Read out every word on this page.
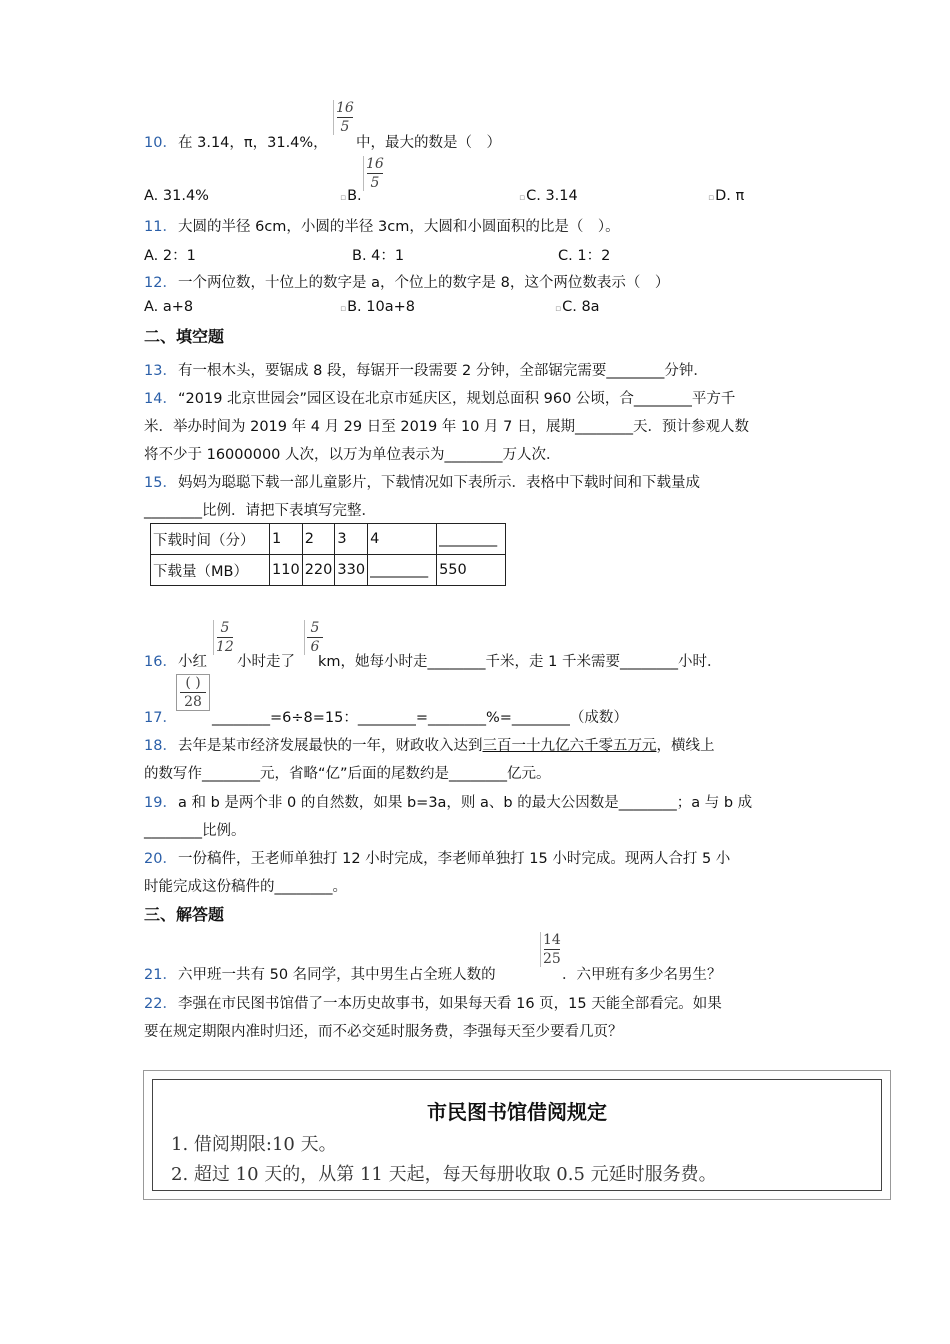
10． 在 3.14，π，31.4%，
16
5
中，最大的数是（　）
A. 31.4%	▫B.
16
5
▫C. 3.14	▫D. π
11． 大圆的半径 6cm，小圆的半径 3cm，大圆和小圆面积的比是（　）。
A. 2：1	B. 4：1	C. 1：2
12． 一个两位数，十位上的数字是 a，个位上的数字是 8，这个两位数表示（　）
A. a+8	▫B. 10a+8	▫C. 8a
二、填空题
13． 有一根木头，要锯成 8 段，每锯开一段需要 2 分钟，全部锯完需要________分钟．
14． “2019 北京世园会”园区设在北京市延庆区，规划总面积 960 公顷，合________平方千
米．举办时间为 2019 年 4 月 29 日至 2019 年 10 月 7 日，展期________天．预计参观人数
将不少于 16000000 人次，以万为单位表示为________万人次．
15． 妈妈为聪聪下载一部儿童影片，下载情况如下表所示．表格中下载时间和下载量成
________比例．请把下表填写完整．
下载时间（分）	1	2	3	4	________
下载量（MB）	110	220	330	________	550
16． 小红
5
12
小时走了
5
6
km，她每小时走________千米，走 1 千米需要________小时．
17．
( )
28
________=6÷8=15：________=________%=________（成数）
18． 去年是某市经济发展最快的一年，财政收入达到三百一十九亿六千零五万元，横线上
的数写作________元，省略“亿”后面的尾数约是________亿元。
19． a 和 b 是两个非 0 的自然数，如果 b=3a，则 a、b 的最大公因数是________；a 与 b 成
________比例。
20． 一份稿件，王老师单独打 12 小时完成，李老师单独打 15 小时完成。现两人合打 5 小
时能完成这份稿件的________。
三、解答题
21． 六甲班一共有 50 名同学，其中男生占全班人数的
14
25
．六甲班有多少名男生？
22． 李强在市民图书馆借了一本历史故事书，如果每天看 16 页，15 天能全部看完。如果
要在规定期限内准时归还，而不必交延时服务费，李强每天至少要看几页？
市民图书馆借阅规定
1. 借阅期限:10 天。
2. 超过 10 天的，从第 11 天起，每天每册收取 0.5 元延时服务费。
